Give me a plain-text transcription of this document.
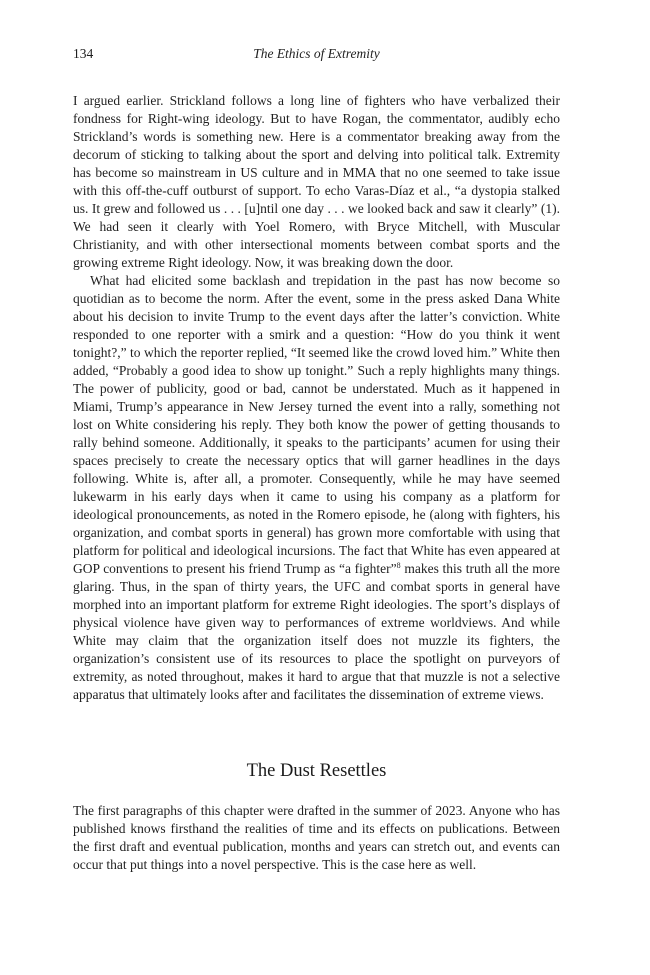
134	The Ethics of Extremity

I argued earlier. Strickland follows a long line of fighters who have verbalized their fondness for Right-wing ideology. But to have Rogan, the commentator, audibly echo Strickland’s words is something new. Here is a commentator breaking away from the decorum of sticking to talking about the sport and delving into political talk. Extremity has become so mainstream in US culture and in MMA that no one seemed to take issue with this off-the-cuff outburst of support. To echo Varas-Díaz et al., “a dystopia stalked us. It grew and followed us . . . [u]ntil one day . . . we looked back and saw it clearly” (1). We had seen it clearly with Yoel Romero, with Bryce Mitchell, with Muscular Christianity, and with other intersectional moments between combat sports and the growing extreme Right ideology. Now, it was breaking down the door.

What had elicited some backlash and trepidation in the past has now become so quotidian as to become the norm. After the event, some in the press asked Dana White about his decision to invite Trump to the event days after the latter’s conviction. White responded to one reporter with a smirk and a question: “How do you think it went tonight?,” to which the reporter replied, “It seemed like the crowd loved him.” White then added, “Probably a good idea to show up tonight.” Such a reply highlights many things. The power of publicity, good or bad, cannot be understated. Much as it happened in Miami, Trump’s appearance in New Jersey turned the event into a rally, something not lost on White considering his reply. They both know the power of getting thousands to rally behind someone. Additionally, it speaks to the participants’ acumen for using their spaces precisely to create the necessary optics that will garner headlines in the days following. White is, after all, a promoter. Consequently, while he may have seemed lukewarm in his early days when it came to using his company as a platform for ideological pronouncements, as noted in the Romero episode, he (along with fighters, his organization, and combat sports in general) has grown more comfortable with using that platform for political and ideological incursions. The fact that White has even appeared at GOP conventions to present his friend Trump as “a fighter”$^8$ makes this truth all the more glaring. Thus, in the span of thirty years, the UFC and combat sports in general have morphed into an important platform for extreme Right ideologies. The sport’s displays of physical violence have given way to performances of extreme worldviews. And while White may claim that the organization itself does not muzzle its fighters, the organization’s consistent use of its resources to place the spotlight on purveyors of extremity, as noted throughout, makes it hard to argue that that muzzle is not a selective apparatus that ultimately looks after and facilitates the dissemination of extreme views.

The Dust Resettles

The first paragraphs of this chapter were drafted in the summer of 2023. Anyone who has published knows firsthand the realities of time and its effects on publications. Between the first draft and eventual publication, months and years can stretch out, and events can occur that put things into a novel perspective. This is the case here as well.
